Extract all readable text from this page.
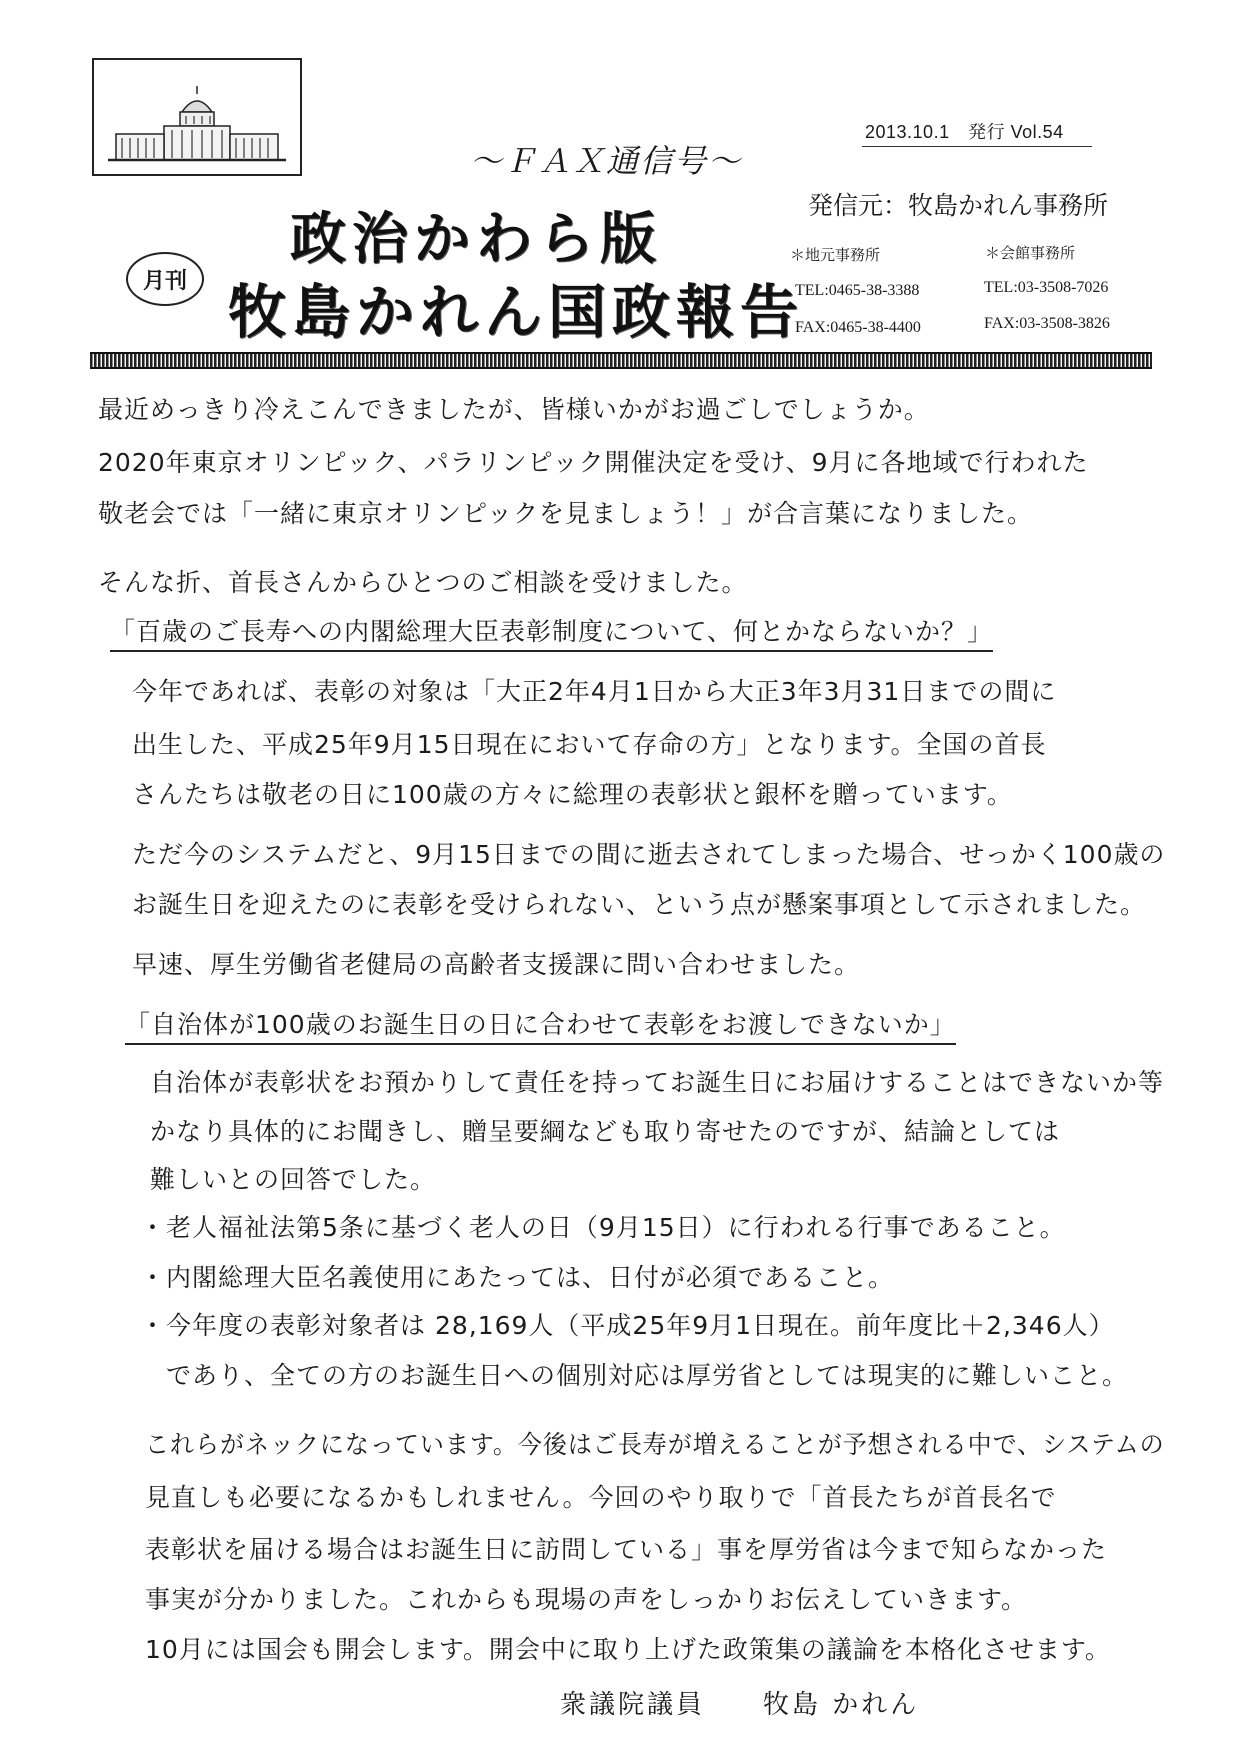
～ＦＡＸ通信号～
2013.10.1　発行 Vol.54
政治かわら版
牧島かれん国政報告
月刊
発信元：牧島かれん事務所
＊地元事務所
TEL:0465-38-3388
FAX:0465-38-4400
＊会館事務所
TEL:03-3508-7026
FAX:03-3508-3826
最近めっきり冷えこんできましたが、皆様いかがお過ごしでしょうか。
2020年東京オリンピック、パラリンピック開催決定を受け、9月に各地域で行われた
敬老会では「一緒に東京オリンピックを見ましょう！」が合言葉になりました。
そんな折、首長さんからひとつのご相談を受けました。
「百歳のご長寿への内閣総理大臣表彰制度について、何とかならないか？」
今年であれば、表彰の対象は「大正2年4月1日から大正3年3月31日までの間に
出生した、平成25年9月15日現在において存命の方」となります。全国の首長
さんたちは敬老の日に100歳の方々に総理の表彰状と銀杯を贈っています。
ただ今のシステムだと、9月15日までの間に逝去されてしまった場合、せっかく100歳の
お誕生日を迎えたのに表彰を受けられない、という点が懸案事項として示されました。
早速、厚生労働省老健局の高齢者支援課に問い合わせました。
「自治体が100歳のお誕生日の日に合わせて表彰をお渡しできないか」
自治体が表彰状をお預かりして責任を持ってお誕生日にお届けすることはできないか等
かなり具体的にお聞きし、贈呈要綱なども取り寄せたのですが、結論としては
難しいとの回答でした。
・老人福祉法第5条に基づく老人の日（9月15日）に行われる行事であること。
・内閣総理大臣名義使用にあたっては、日付が必須であること。
・今年度の表彰対象者は 28,169人（平成25年9月1日現在。前年度比＋2,346人）
　であり、全ての方のお誕生日への個別対応は厚労省としては現実的に難しいこと。
これらがネックになっています。今後はご長寿が増えることが予想される中で、システムの
見直しも必要になるかもしれません。今回のやり取りで「首長たちが首長名で
表彰状を届ける場合はお誕生日に訪問している」事を厚労省は今まで知らなかった
事実が分かりました。これからも現場の声をしっかりお伝えしていきます。
10月には国会も開会します。開会中に取り上げた政策集の議論を本格化させます。
衆議院議員　　牧島 かれん
